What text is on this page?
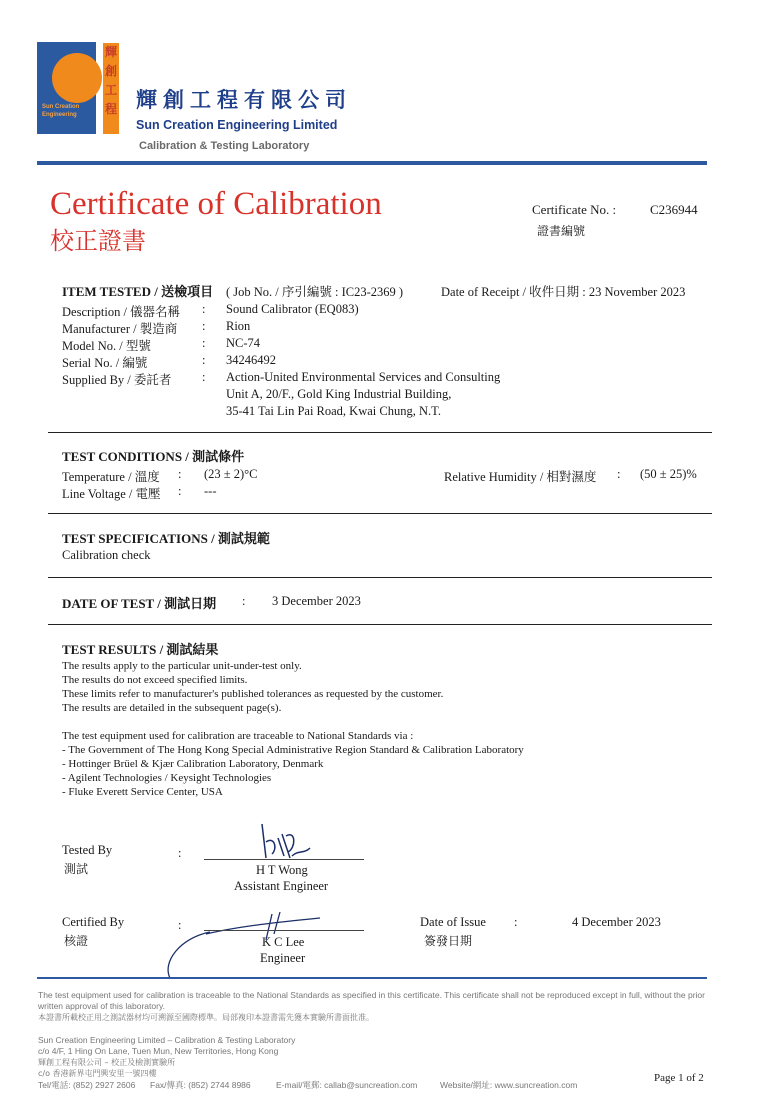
Sun Creation Engineering
輝
創
工
程 輝創工程有限公司
Sun Creation Engineering Limited
Calibration & Testing Laboratory
Certificate of Calibration
校正證書
Certificate No. :	C236944
證書編號
ITEM TESTED / 送檢項目 ( Job No. / 序引編號 : IC23-2369 )	Date of Receipt / 收件日期 : 23 November 2023
Description / 儀器名稱 : Sound Calibrator (EQ083)
Manufacturer / 製造商 : Rion
Model No. / 型號	: NC-74
Serial No. / 編號	: 34246492
Supplied By / 委託者 : Action-United Environmental Services and Consulting
Unit A, 20/F., Gold King Industrial Building,
35-41 Tai Lin Pai Road, Kwai Chung, N.T.
TEST CONDITIONS / 測試條件
Temperature / 溫度 : (23 ± 2)°C	Relative Humidity / 相對濕度 : (50 ± 25)%
Line Voltage / 電壓 : ---
TEST SPECIFICATIONS / 測試規範
Calibration check
DATE OF TEST / 測試日期 : 3 December 2023
TEST RESULTS / 測試結果
The results apply to the particular unit-under-test only.
The results do not exceed specified limits.
These limits refer to manufacturer's published tolerances as requested by the customer.
The results are detailed in the subsequent page(s).
The test equipment used for calibration are traceable to National Standards via :
- The Government of The Hong Kong Special Administrative Region Standard & Calibration Laboratory
- Hottinger Brüel & Kjær Calibration Laboratory, Denmark
- Agilent Technologies / Keysight Technologies
- Fluke Everett Service Center, USA
Tested By
測試
:
H T Wong
Assistant Engineer
Certified By
核證
:
K C Lee
Engineer
Date of Issue
簽發日期
:	4 December 2023
The test equipment used for calibration is traceable to the National Standards as specified in this certificate. This certificate shall not be reproduced except in full, without the prior
written approval of this laboratory.
本證書所載校正用之測試器材均可溯源至國際標準。局部複印本證書需先獲本實驗所書面批准。
Sun Creation Engineering Limited – Calibration & Testing Laboratory
c/o 4/F, 1 Hing On Lane, Tuen Mun, New Territories, Hong Kong
輝創工程有限公司 – 校正及檢測實驗所
c/o 香港新界屯門興安里一號四樓
Tel/電話: (852) 2927 2606 Fax/傳真: (852) 2744 8986	E-mail/電郵: callab@suncreation.com	Website/網址: www.suncreation.com
Page 1 of 2
